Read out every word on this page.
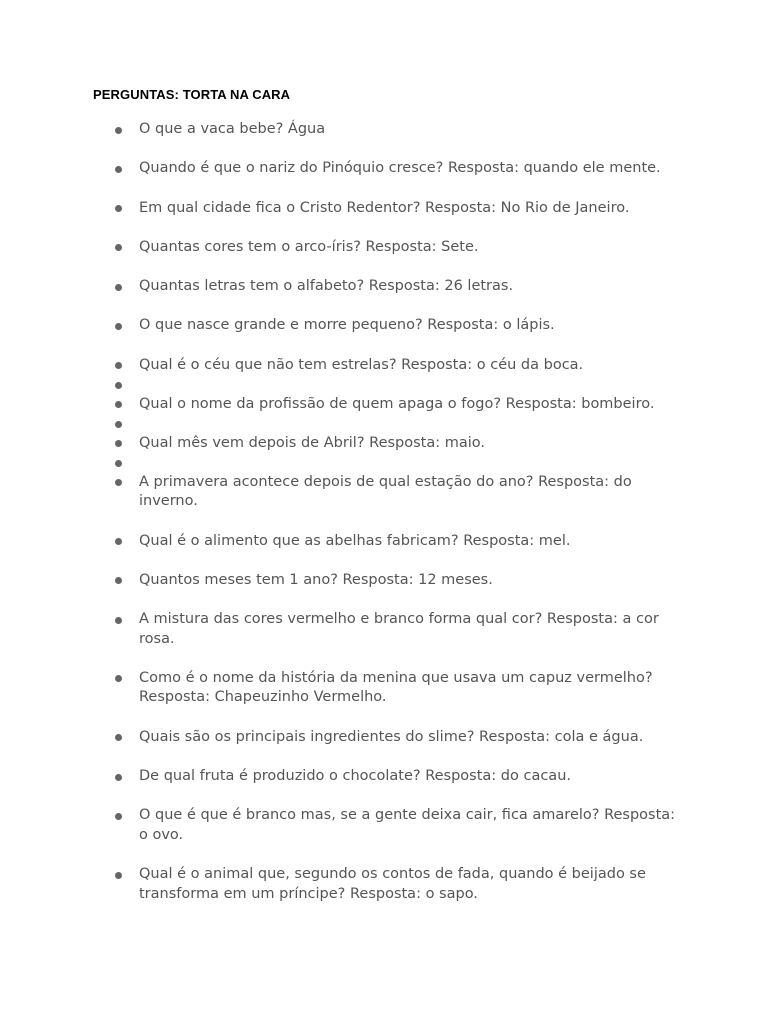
PERGUNTAS: TORTA NA CARA
O que a vaca bebe? Água
Quando é que o nariz do Pinóquio cresce? Resposta: quando ele mente.
Em qual cidade fica o Cristo Redentor? Resposta: No Rio de Janeiro.
Quantas cores tem o arco-íris? Resposta: Sete.
Quantas letras tem o alfabeto? Resposta: 26 letras.
O que nasce grande e morre pequeno? Resposta: o lápis.
Qual é o céu que não tem estrelas? Resposta: o céu da boca.
Qual o nome da profissão de quem apaga o fogo? Resposta: bombeiro.
Qual mês vem depois de Abril? Resposta: maio.
A primavera acontece depois de qual estação do ano? Resposta: do inverno.
Qual é o alimento que as abelhas fabricam? Resposta: mel.
Quantos meses tem 1 ano? Resposta: 12 meses.
A mistura das cores vermelho e branco forma qual cor? Resposta: a cor rosa.
Como é o nome da história da menina que usava um capuz vermelho? Resposta: Chapeuzinho Vermelho.
Quais são os principais ingredientes do slime? Resposta: cola e água.
De qual fruta é produzido o chocolate? Resposta: do cacau.
O que é que é branco mas, se a gente deixa cair, fica amarelo? Resposta: o ovo.
Qual é o animal que, segundo os contos de fada, quando é beijado se transforma em um príncipe? Resposta: o sapo.
